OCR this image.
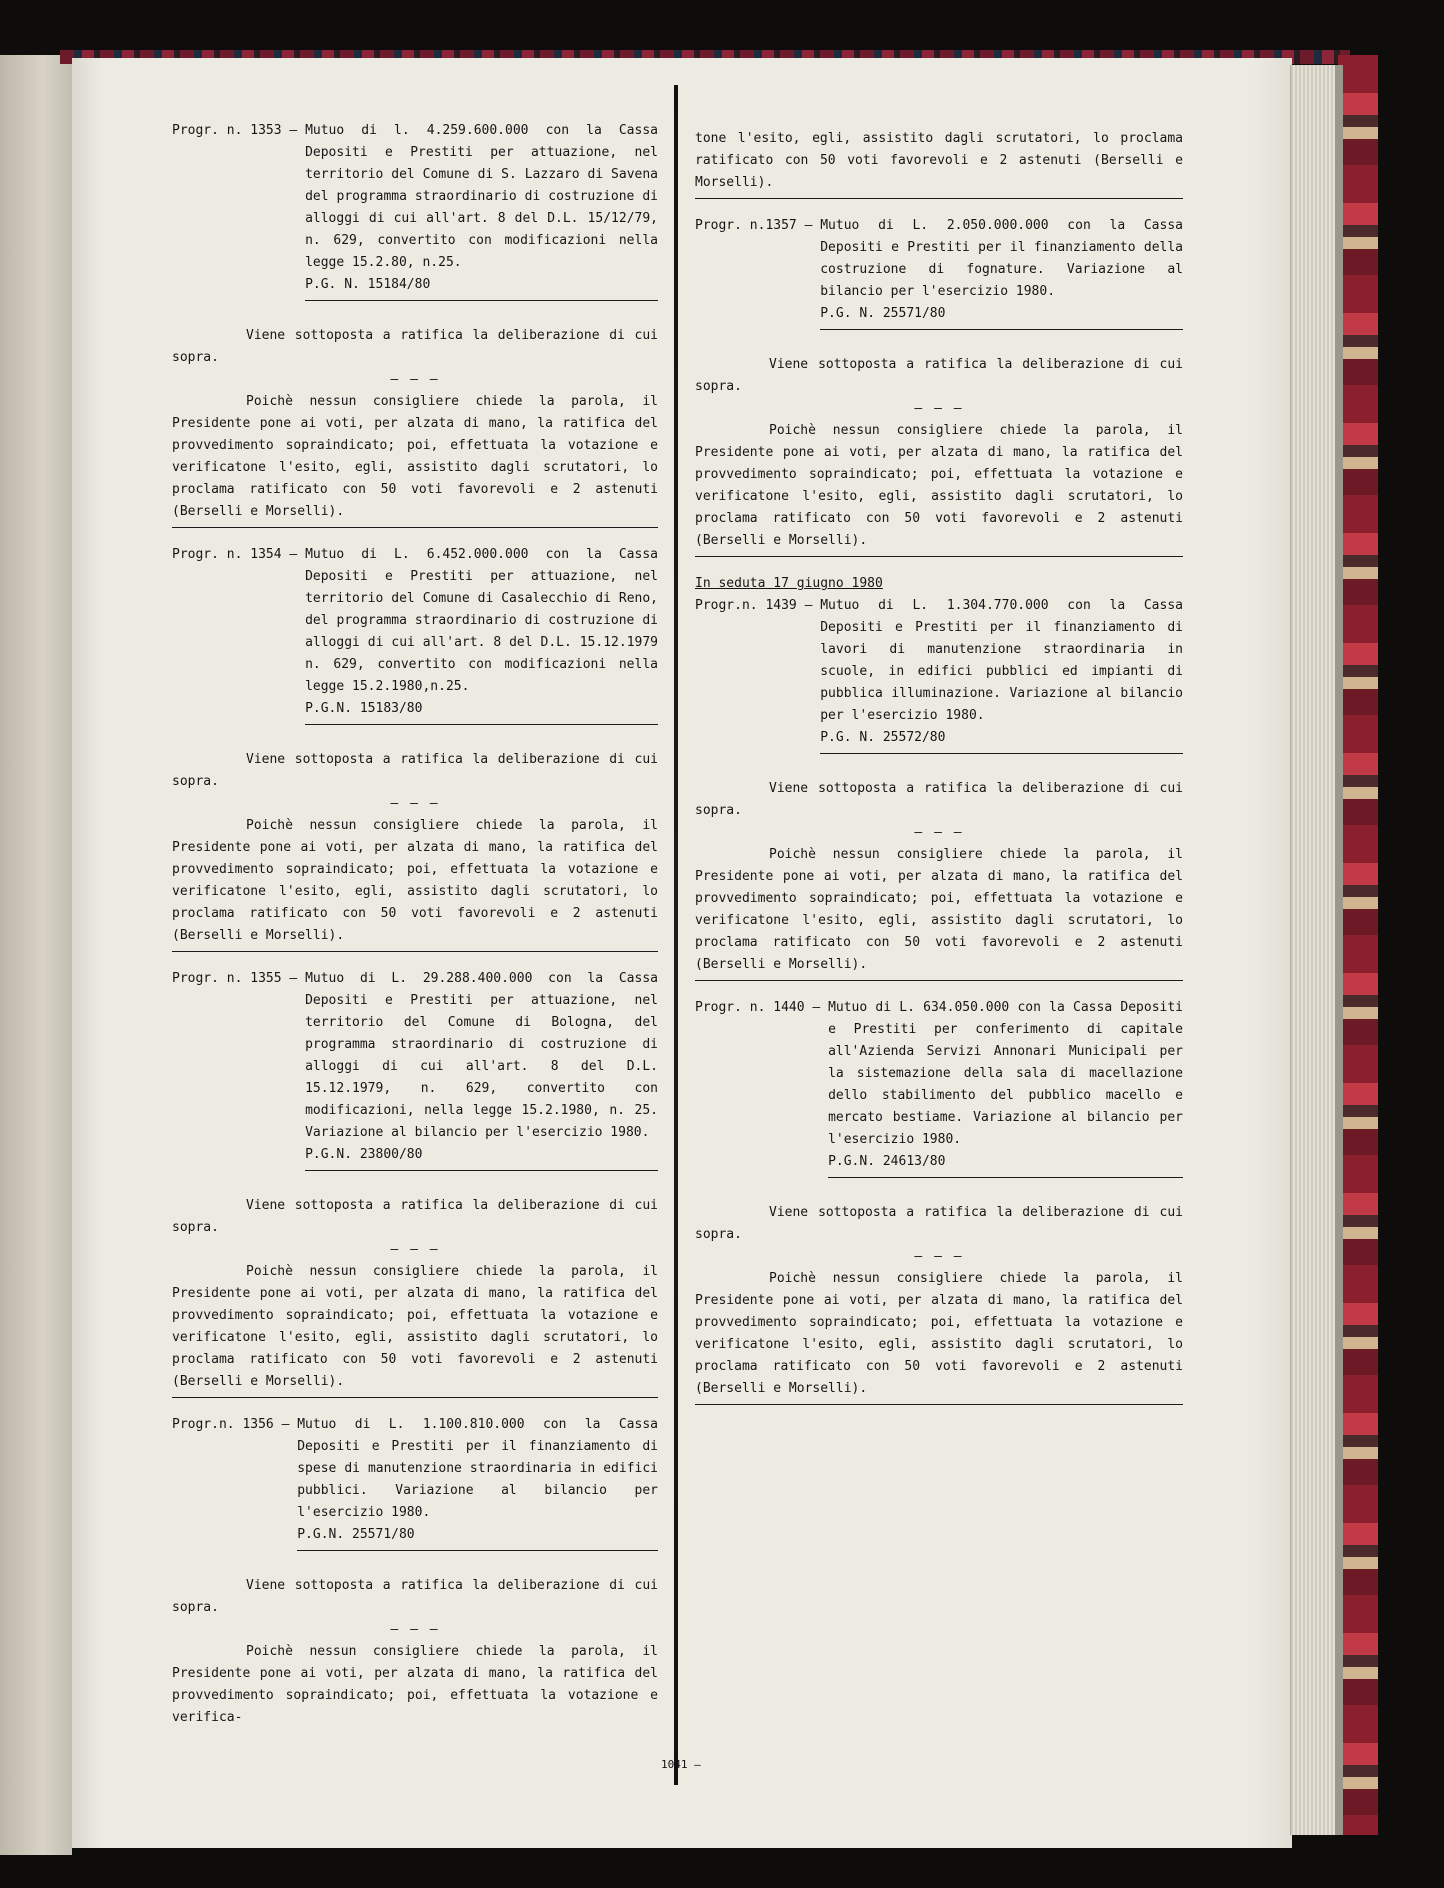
Progr. n. 1353 – Mutuo di l. 4.259.600.000 con la Cassa Depositi e Prestiti per attuazione, nel territorio del Comune di S. Lazzaro di Savena del programma straordinario di costruzione di alloggi di cui all'art. 8 del D.L. 15/12/79, n. 629, convertito con modificazioni nella legge 15.2.80, n.25.
P.G. N. 15184/80

Viene sottoposta a ratifica la deliberazione di cui sopra.

– – –

Poichè nessun consigliere chiede la parola, il Presidente pone ai voti, per alzata di mano, la ratifica del provvedimento sopraindicato; poi, effettuata la votazione e verificatone l'esito, egli, assistito dagli scrutatori, lo proclama ratificato con 50 voti favorevoli e 2 astenuti (Berselli e Morselli).

Progr. n. 1354 – Mutuo di L. 6.452.000.000 con la Cassa Depositi e Prestiti per attuazione, nel territorio del Comune di Casalecchio di Reno, del programma straordinario di costruzione di alloggi di cui all'art. 8 del D.L. 15.12.1979 n. 629, convertito con modificazioni nella legge 15.2.1980,n.25.
P.G.N. 15183/80

Viene sottoposta a ratifica la deliberazione di cui sopra.

– – –

Poichè nessun consigliere chiede la parola, il Presidente pone ai voti, per alzata di mano, la ratifica del provvedimento sopraindicato; poi, effettuata la votazione e verificatone l'esito, egli, assistito dagli scrutatori, lo proclama ratificato con 50 voti favorevoli e 2 astenuti (Berselli e Morselli).

Progr. n. 1355 – Mutuo di L. 29.288.400.000 con la Cassa Depositi e Prestiti per attuazione, nel territorio del Comune di Bologna, del programma straordinario di costruzione di alloggi di cui all'art. 8 del D.L. 15.12.1979, n. 629, convertito con modificazioni, nella legge 15.2.1980, n. 25. Variazione al bilancio per l'esercizio 1980.
P.G.N. 23800/80

Viene sottoposta a ratifica la deliberazione di cui sopra.

– – –

Poichè nessun consigliere chiede la parola, il Presidente pone ai voti, per alzata di mano, la ratifica del provvedimento sopraindicato; poi, effettuata la votazione e verificatone l'esito, egli, assistito dagli scrutatori, lo proclama ratificato con 50 voti favorevoli e 2 astenuti (Berselli e Morselli).

Progr.n. 1356 – Mutuo di L. 1.100.810.000 con la Cassa Depositi e Prestiti per il finanziamento di spese di manutenzione straordinaria in edifici pubblici. Variazione al bilancio per l'esercizio 1980.
P.G.N. 25571/80

Viene sottoposta a ratifica la deliberazione di cui sopra.

– – –

Poichè nessun consigliere chiede la parola, il Presidente pone ai voti, per alzata di mano, la ratifica del provvedimento sopraindicato; poi, effettuata la votazione e verifica-

tone l'esito, egli, assistito dagli scrutatori, lo proclama ratificato con 50 voti favorevoli e 2 astenuti (Berselli e Morselli).

Progr. n.1357 – Mutuo di L. 2.050.000.000 con la Cassa Depositi e Prestiti per il finanziamento della costruzione di fognature. Variazione al bilancio per l'esercizio 1980.
P.G. N. 25571/80

Viene sottoposta a ratifica la deliberazione di cui sopra.

– – –

Poichè nessun consigliere chiede la parola, il Presidente pone ai voti, per alzata di mano, la ratifica del provvedimento sopraindicato; poi, effettuata la votazione e verificatone l'esito, egli, assistito dagli scrutatori, lo proclama ratificato con 50 voti favorevoli e 2 astenuti (Berselli e Morselli).

In seduta 17 giugno 1980

Progr.n. 1439 – Mutuo di L. 1.304.770.000 con la Cassa Depositi e Prestiti per il finanziamento di lavori di manutenzione straordinaria in scuole, in edifici pubblici ed impianti di pubblica illuminazione. Variazione al bilancio per l'esercizio 1980.
P.G. N. 25572/80

Viene sottoposta a ratifica la deliberazione di cui sopra.

– – –

Poichè nessun consigliere chiede la parola, il Presidente pone ai voti, per alzata di mano, la ratifica del provvedimento sopraindicato; poi, effettuata la votazione e verificatone l'esito, egli, assistito dagli scrutatori, lo proclama ratificato con 50 voti favorevoli e 2 astenuti (Berselli e Morselli).

Progr. n. 1440 – Mutuo di L. 634.050.000 con la Cassa Depositi e Prestiti per conferimento di capitale all'Azienda Servizi Annonari Municipali per la sistemazione della sala di macellazione dello stabilimento del pubblico macello e mercato bestiame. Variazione al bilancio per l'esercizio 1980.
P.G.N. 24613/80

Viene sottoposta a ratifica la deliberazione di cui sopra.

– – –

Poichè nessun consigliere chiede la parola, il Presidente pone ai voti, per alzata di mano, la ratifica del provvedimento sopraindicato; poi, effettuata la votazione e verificatone l'esito, egli, assistito dagli scrutatori, lo proclama ratificato con 50 voti favorevoli e 2 astenuti (Berselli e Morselli).

1041 –
